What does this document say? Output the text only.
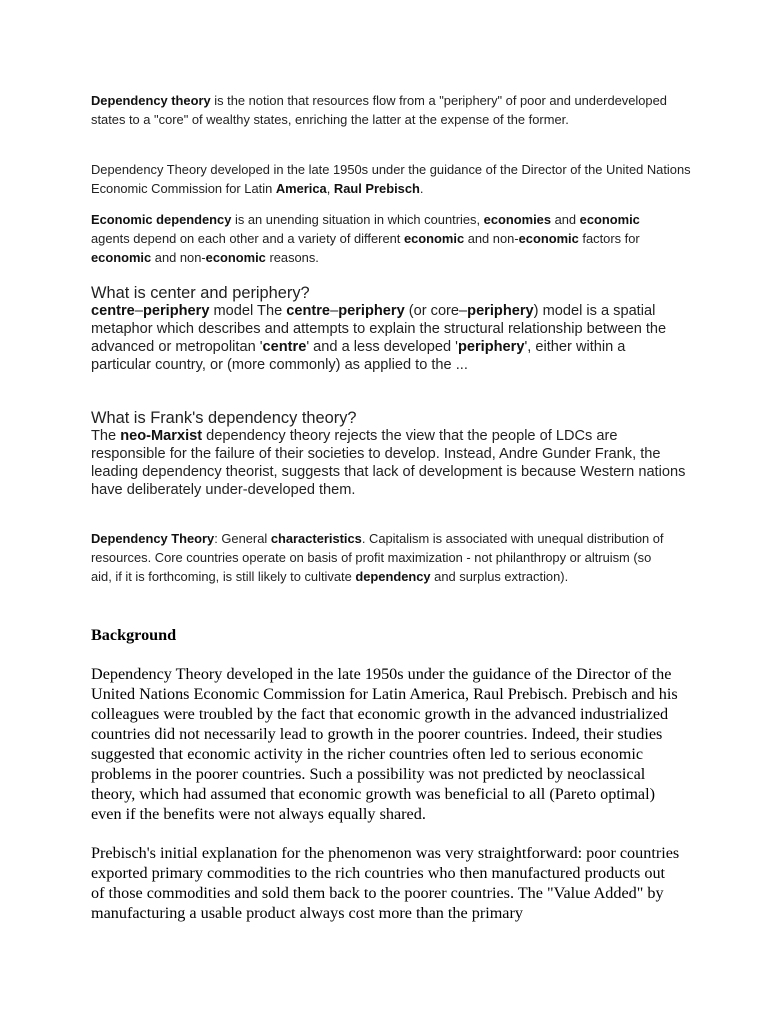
Dependency theory is the notion that resources flow from a "periphery" of poor and underdeveloped states to a "core" of wealthy states, enriching the latter at the expense of the former.

Dependency Theory developed in the late 1950s under the guidance of the Director of the United Nations Economic Commission for Latin America, Raul Prebisch.

Economic dependency is an unending situation in which countries, economies and economic agents depend on each other and a variety of different economic and non-economic factors for economic and non-economic reasons.

What is center and periphery?

centre–periphery model The centre–periphery (or core–periphery) model is a spatial metaphor which describes and attempts to explain the structural relationship between the advanced or metropolitan 'centre' and a less developed 'periphery', either within a particular country, or (more commonly) as applied to the ...

What is Frank's dependency theory?

The neo-Marxist dependency theory rejects the view that the people of LDCs are responsible for the failure of their societies to develop. Instead, Andre Gunder Frank, the leading dependency theorist, suggests that lack of development is because Western nations have deliberately under-developed them.

Dependency Theory: General characteristics. Capitalism is associated with unequal distribution of resources. Core countries operate on basis of profit maximization - not philanthropy or altruism (so aid, if it is forthcoming, is still likely to cultivate dependency and surplus extraction).

Background

Dependency Theory developed in the late 1950s under the guidance of the Director of the United Nations Economic Commission for Latin America, Raul Prebisch. Prebisch and his colleagues were troubled by the fact that economic growth in the advanced industrialized countries did not necessarily lead to growth in the poorer countries. Indeed, their studies suggested that economic activity in the richer countries often led to serious economic problems in the poorer countries. Such a possibility was not predicted by neoclassical theory, which had assumed that economic growth was beneficial to all (Pareto optimal) even if the benefits were not always equally shared.

Prebisch's initial explanation for the phenomenon was very straightforward: poor countries exported primary commodities to the rich countries who then manufactured products out of those commodities and sold them back to the poorer countries. The "Value Added" by manufacturing a usable product always cost more than the primary
